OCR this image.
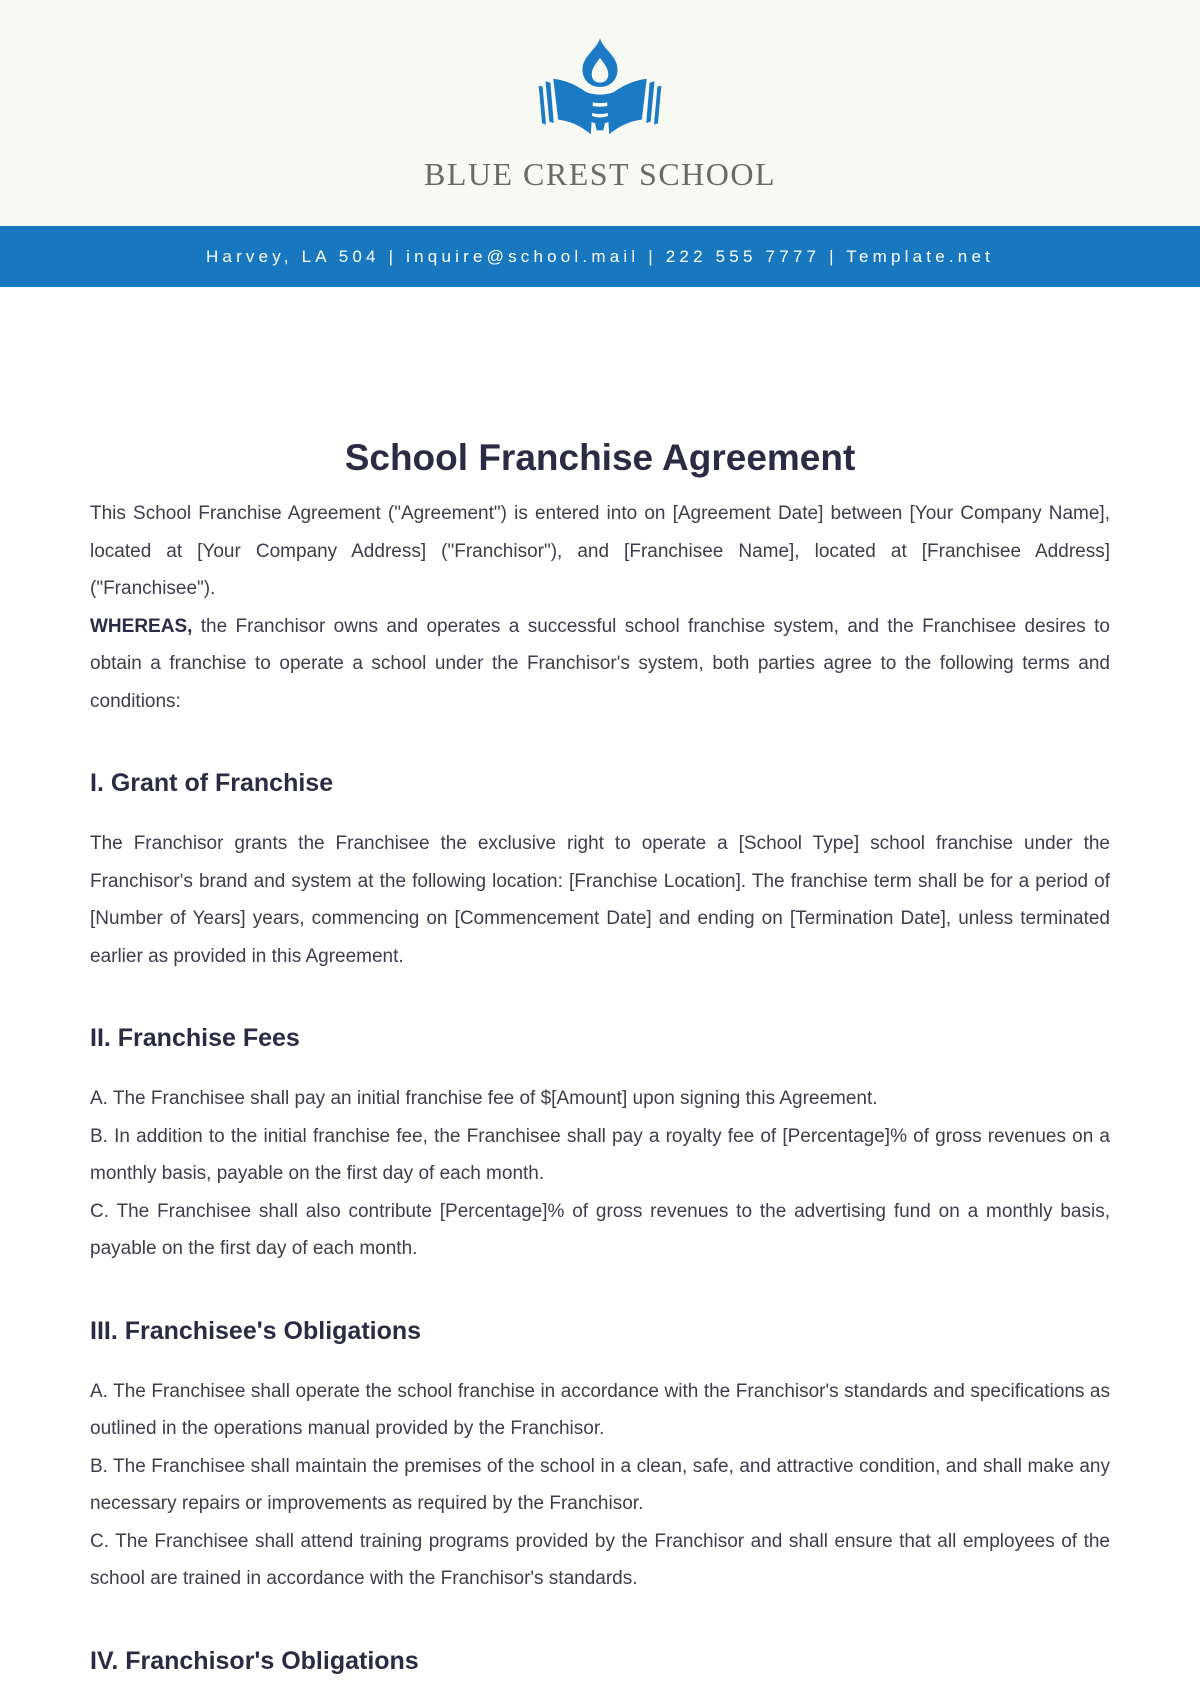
BLUE CREST SCHOOL
Harvey, LA 504 | inquire@school.mail | 222 555 7777 | Template.net
School Franchise Agreement

This School Franchise Agreement ("Agreement") is entered into on [Agreement Date] between [Your Company Name], located at [Your Company Address] ("Franchisor"), and [Franchisee Name], located at [Franchisee Address] ("Franchisee").

WHEREAS, the Franchisor owns and operates a successful school franchise system, and the Franchisee desires to obtain a franchise to operate a school under the Franchisor's system, both parties agree to the following terms and conditions:

I. Grant of Franchise

The Franchisor grants the Franchisee the exclusive right to operate a [School Type] school franchise under the Franchisor's brand and system at the following location: [Franchise Location]. The franchise term shall be for a period of [Number of Years] years, commencing on [Commencement Date] and ending on [Termination Date], unless terminated earlier as provided in this Agreement.

II. Franchise Fees

A. The Franchisee shall pay an initial franchise fee of $[Amount] upon signing this Agreement.

B. In addition to the initial franchise fee, the Franchisee shall pay a royalty fee of [Percentage]% of gross revenues on a monthly basis, payable on the first day of each month.

C. The Franchisee shall also contribute [Percentage]% of gross revenues to the advertising fund on a monthly basis, payable on the first day of each month.

III. Franchisee's Obligations

A. The Franchisee shall operate the school franchise in accordance with the Franchisor's standards and specifications as outlined in the operations manual provided by the Franchisor.

B. The Franchisee shall maintain the premises of the school in a clean, safe, and attractive condition, and shall make any necessary repairs or improvements as required by the Franchisor.

C. The Franchisee shall attend training programs provided by the Franchisor and shall ensure that all employees of the school are trained in accordance with the Franchisor's standards.

IV. Franchisor's Obligations
